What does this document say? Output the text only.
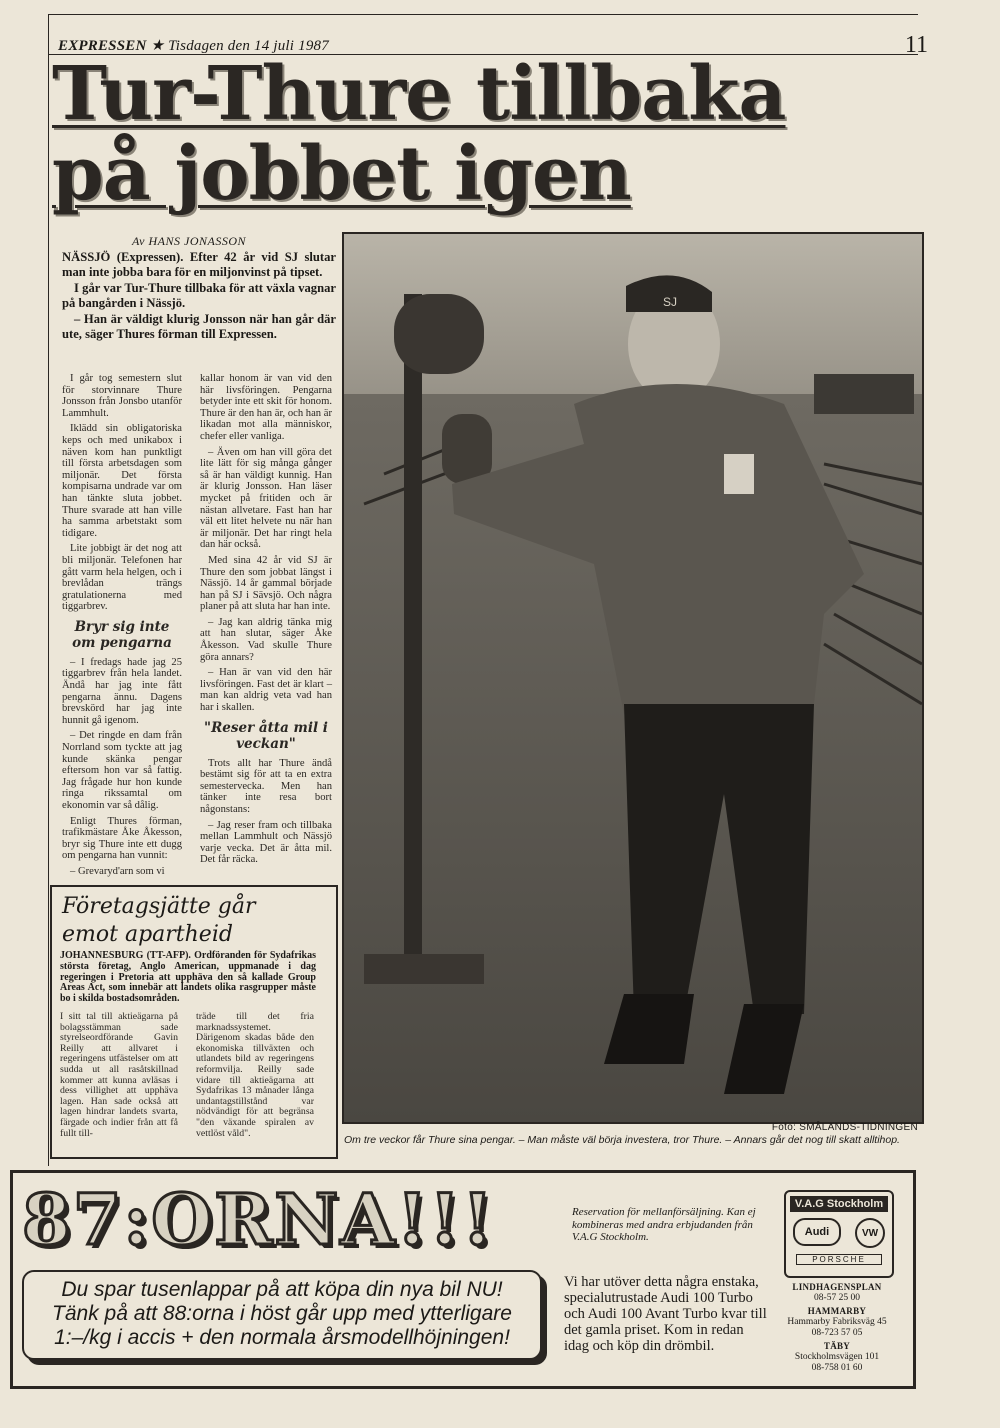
EXPRESSEN ★ Tisdagen den 14 juli 1987	11
Tur-Thure tillbaka
på jobbet igen
Av HANS JONASSON

NÄSSJÖ (Expressen). Efter 42 år vid SJ slutar man inte jobba bara för en miljonvinst på tipset.

I går var Tur-Thure tillbaka för att växla vagnar på bangården i Nässjö.

– Han är väldigt klurig Jonsson när han går där ute, säger Thures förman till Expressen.

I går tog semestern slut för storvinnare Thure Jonsson från Jonsbo utanför Lammhult.

Iklädd sin obligatoriska keps och med unikabox i näven kom han punktligt till första arbetsdagen som miljonär. Det första kompisarna undrade var om han tänkte sluta jobbet. Thure svarade att han ville ha samma arbetstakt som tidigare.

Lite jobbigt är det nog att bli miljonär. Telefonen har gått varm hela helgen, och i brevlådan trängs gratulationerna med tiggarbrev.

Bryr sig inte om pengarna

– I fredags hade jag 25 tiggarbrev från hela landet. Ändå har jag inte fått pengarna ännu. Dagens brevskörd har jag inte hunnit gå igenom.

– Det ringde en dam från Norrland som tyckte att jag kunde skänka pengar eftersom hon var så fattig. Jag frågade hur hon kunde ringa rikssamtal om ekonomin var så dålig.

Enligt Thures förman, trafikmästare Åke Åkesson, bryr sig Thure inte ett dugg om pengarna han vunnit:

– Grevaryd'arn som vi

kallar honom är van vid den här livsföringen. Pengarna betyder inte ett skit för honom. Thure är den han är, och han är likadan mot alla människor, chefer eller vanliga.

– Även om han vill göra det lite lätt för sig många gånger så är han väldigt kunnig. Han är klurig Jonsson. Han läser mycket på fritiden och är nästan allvetare. Fast han har väl ett litet helvete nu när han är miljonär. Det har ringt hela dan här också.

Med sina 42 år vid SJ är Thure den som jobbat längst i Nässjö. 14 år gammal började han på SJ i Sävsjö. Och några planer på att sluta har han inte.

– Jag kan aldrig tänka mig att han slutar, säger Åke Åkesson. Vad skulle Thure göra annars?

– Han är van vid den här livsföringen. Fast det är klart – man kan aldrig veta vad han har i skallen.

"Reser åtta mil i veckan"

Trots allt har Thure ändå bestämt sig för att ta en extra semestervecka. Men han tänker inte resa bort någonstans:

– Jag reser fram och tillbaka mellan Lammhult och Nässjö varje vecka. Det är åtta mil. Det får räcka.

SJ
Foto: SMÅLANDS-TIDNINGEN
Om tre veckor får Thure sina pengar. – Man måste väl börja investera, tror Thure. – Annars går det nog till skatt alltihop.
Företagsjätte går
emot apartheid
JOHANNESBURG (TT-AFP). Ordföranden för Sydafrikas största företag, Anglo American, uppmanade i dag regeringen i Pretoria att upphäva den så kallade Group Areas Act, som innebär att landets olika rasgrupper måste bo i skilda bostadsområden.
I sitt tal till aktieägarna på bolagsstämman sade styrelseordförande Gavin Reilly att allvaret i regeringens utfästelser om att sudda ut all rasåtskillnad kommer att kunna avläsas i dess villighet att upphäva lagen. Han sade också att lagen hindrar landets svarta, färgade och indier från att få fullt till-
träde till det fria marknadssystemet. Därigenom skadas både den ekonomiska tillväxten och utlandets bild av regeringens reformvilja. Reilly sade vidare till aktieägarna att Sydafrikas 13 månader långa undantagstillstånd var nödvändigt för att begränsa "den växande spiralen av vettlöst våld".
87:ORNA!!!	Reservation för mellanförsäljning. Kan ej kombineras med andra erbjudanden från V.A.G Stockholm.
Du spar tusenlappar på att köpa din nya bil NU!
Tänk på att 88:orna i höst går upp med ytterligare
1:–/kg i accis + den normala årsmodellhöjningen!
Vi har utöver detta några enstaka, specialutrustade Audi 100 Turbo och Audi 100 Avant Turbo kvar till det gamla priset. Kom in redan idag och köp din drömbil.
V.A.G Stockholm
Audi	VW
PORSCHE
LINDHAGENSPLAN
08-57 25 00
HAMMARBY
Hammarby Fabriksväg 45
08-723 57 05
TÄBY
Stockholmsvägen 101
08-758 01 60
